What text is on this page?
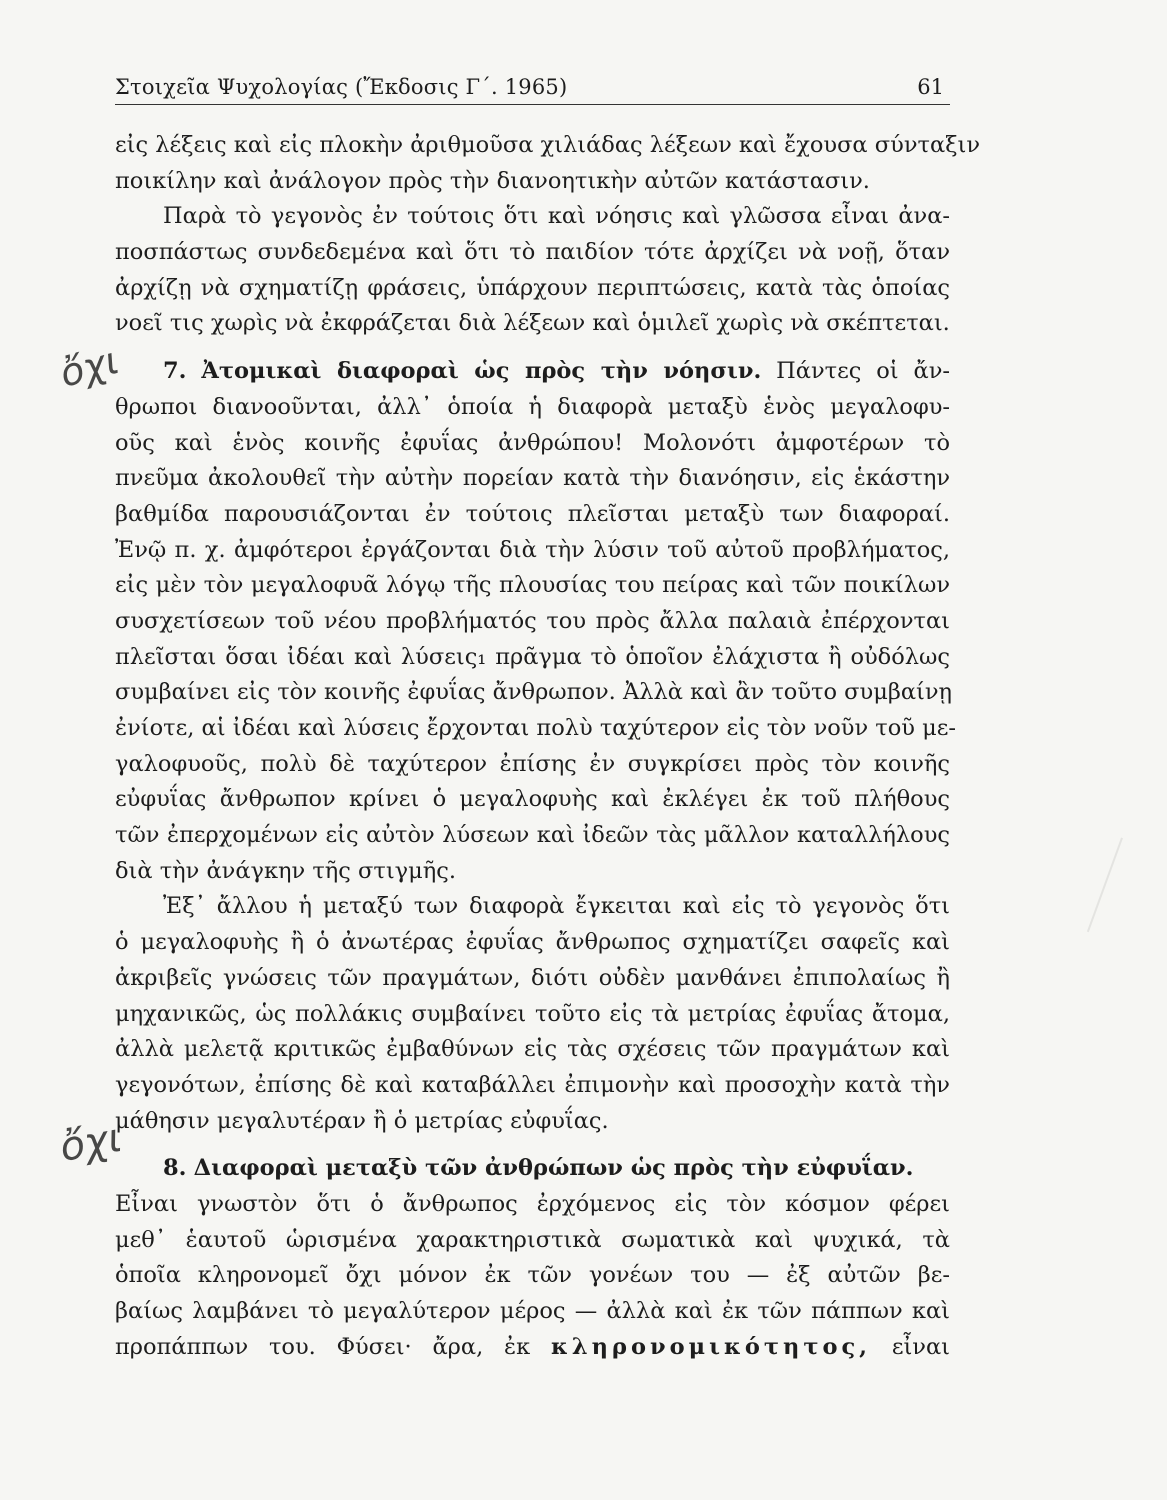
Στοιχεῖα Ψυχολογίας (Ἔκδοσις Γ΄. 1965)	61
ὄχι
ὄχι
εἰς λέξεις καὶ εἰς πλοκὴν ἀριθμοῦσα χιλιάδας λέξεων καὶ ἔχουσα σύνταξιν
ποικίλην καὶ ἀνάλογον πρὸς τὴν διανοητικὴν αὐτῶν κατάστασιν.
Παρὰ τὸ γεγονὸς ἐν τούτοις ὅτι καὶ νόησις καὶ γλῶσσα εἶναι ἀνα-
ποσπάστως συνδεδεμένα καὶ ὅτι τὸ παιδίον τότε ἀρχίζει νὰ νοῇ, ὅταν
ἀρχίζῃ νὰ σχηματίζῃ φράσεις, ὑπάρχουν περιπτώσεις, κατὰ τὰς ὁποίας
νοεῖ τις χωρὶς νὰ ἐκφράζεται διὰ λέξεων καὶ ὁμιλεῖ χωρὶς νὰ σκέπτεται.
7. Ἀτομικαὶ διαφοραὶ ὡς πρὸς τὴν νόησιν. Πάντες οἱ ἄν-
θρωποι διανοοῦνται, ἀλλ᾽ ὁποία ἡ διαφορὰ μεταξὺ ἑνὸς μεγαλοφυ-
οῦς καὶ ἑνὸς κοινῆς ἐφυΐας ἀνθρώπου! Μολονότι ἀμφοτέρων τὸ
πνεῦμα ἀκολουθεῖ τὴν αὐτὴν πορείαν κατὰ τὴν διανόησιν, εἰς ἑκάστην
βαθμίδα παρουσιάζονται ἐν τούτοις πλεῖσται μεταξὺ των διαφοραί.
Ἐνῷ π. χ. ἀμφότεροι ἐργάζονται διὰ τὴν λύσιν τοῦ αὐτοῦ προβλήματος,
εἰς μὲν τὸν μεγαλοφυᾶ λόγῳ τῆς πλουσίας του πείρας καὶ τῶν ποικίλων
συσχετίσεων τοῦ νέου προβλήματός του πρὸς ἄλλα παλαιὰ ἐπέρχονται
πλεῖσται ὅσαι ἰδέαι καὶ λύσεις₁ πρᾶγμα τὸ ὁποῖον ἐλάχιστα ἢ οὐδόλως
συμβαίνει εἰς τὸν κοινῆς ἐφυΐας ἄνθρωπον. Ἀλλὰ καὶ ἂν τοῦτο συμβαίνῃ
ἐνίοτε, αἱ ἰδέαι καὶ λύσεις ἔρχονται πολὺ ταχύτερον εἰς τὸν νοῦν τοῦ με-
γαλοφυοῦς, πολὺ δὲ ταχύτερον ἐπίσης ἐν συγκρίσει πρὸς τὸν κοινῆς
εὐφυΐας ἄνθρωπον κρίνει ὁ μεγαλοφυὴς καὶ ἐκλέγει ἐκ τοῦ πλήθους
τῶν ἐπερχομένων εἰς αὐτὸν λύσεων καὶ ἰδεῶν τὰς μᾶλλον καταλλήλους
διὰ τὴν ἀνάγκην τῆς στιγμῆς.
Ἐξ᾽ ἄλλου ἡ μεταξύ των διαφορὰ ἔγκειται καὶ εἰς τὸ γεγονὸς ὅτι
ὁ μεγαλοφυὴς ἢ ὁ ἀνωτέρας ἐφυΐας ἄνθρωπος σχηματίζει σαφεῖς καὶ
ἀκριβεῖς γνώσεις τῶν πραγμάτων, διότι οὐδὲν μανθάνει ἐπιπολαίως ἢ
μηχανικῶς, ὡς πολλάκις συμβαίνει τοῦτο εἰς τὰ μετρίας ἐφυΐας ἄτομα,
ἀλλὰ μελετᾷ κριτικῶς ἐμβαθύνων εἰς τὰς σχέσεις τῶν πραγμάτων καὶ
γεγονότων, ἐπίσης δὲ καὶ καταβάλλει ἐπιμονὴν καὶ προσοχὴν κατὰ τὴν
μάθησιν μεγαλυτέραν ἢ ὁ μετρίας εὐφυΐας.
8. Διαφοραὶ μεταξὺ τῶν ἀνθρώπων ὡς πρὸς τὴν εὐφυΐαν.
Εἶναι γνωστὸν ὅτι ὁ ἄνθρωπος ἐρχόμενος εἰς τὸν κόσμον φέρει
μεθ᾽ ἑαυτοῦ ὡρισμένα χαρακτηριστικὰ σωματικὰ καὶ ψυχικά, τὰ
ὁποῖα κληρονομεῖ ὄχι μόνον ἐκ τῶν γονέων του — ἐξ αὐτῶν βε-
βαίως λαμβάνει τὸ μεγαλύτερον μέρος — ἀλλὰ καὶ ἐκ τῶν πάππων καὶ
προπάππων του. Φύσει· ἄρα, ἐκ κληρονομικότητος, εἶναι
